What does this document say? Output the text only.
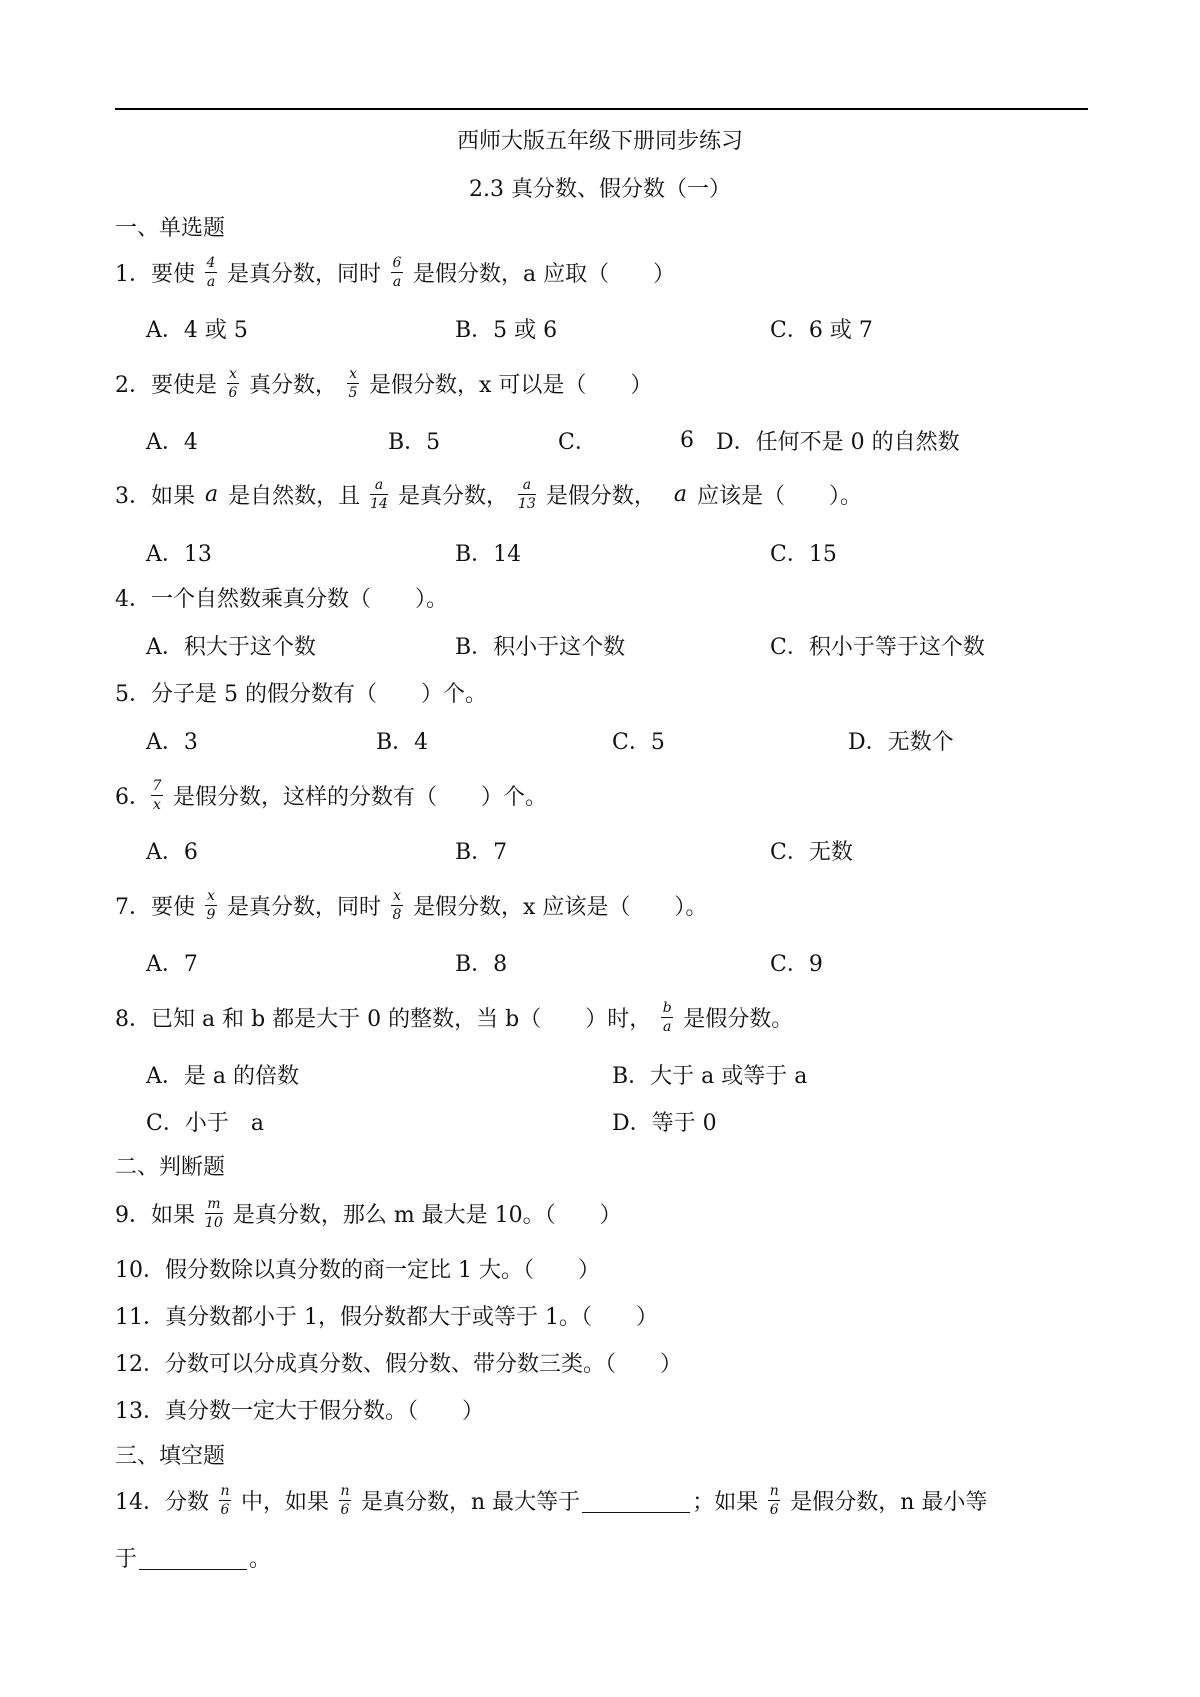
西师大版五年级下册同步练习
2.3 真分数、假分数（一）
一、单选题
1．要使 $\frac{4}{a}$ 是真分数，同时 $\frac{6}{a}$ 是假分数，a 应取（　　）
A．4 或 5	B．5 或 6	C．6 或 7
2．要使是 $\frac{x}{6}$ 真分数， $\frac{x}{5}$ 是假分数，x 可以是（　　）
A．4	B．5	C．	6 D．任何不是 0 的自然数
3．如果 a 是自然数，且 $\frac{a}{14}$ 是真分数， $\frac{a}{13}$ 是假分数， a 应该是（　　）。
A．13	B．14	C．15
4．一个自然数乘真分数（　　）。
A．积大于这个数	B．积小于这个数	C．积小于等于这个数
5．分子是 5 的假分数有（　　）个。
A．3	B．4	C．5	D．无数个
6． $\frac{7}{x}$ 是假分数，这样的分数有（　　）个。
A．6	B．7	C．无数
7．要使 $\frac{x}{9}$ 是真分数，同时 $\frac{x}{8}$ 是假分数，x 应该是（　　）。
A．7	B．8	C．9
8．已知 a 和 b 都是大于 0 的整数，当 b（　　）时， $\frac{b}{a}$ 是假分数。
A．是 a 的倍数	B．大于 a 或等于 a
C．小于　a	D．等于 0
二、判断题
9．如果 $\frac{m}{10}$ 是真分数，那么 m 最大是 10。（　　）
10．假分数除以真分数的商一定比 1 大。（　　）
11．真分数都小于 1，假分数都大于或等于 1。（　　）
12．分数可以分成真分数、假分数、带分数三类。（　　）
13．真分数一定大于假分数。（　　）
三、填空题
14．分数 $\frac{n}{6}$ 中，如果 $\frac{n}{6}$ 是真分数，n 最大等于	；如果 $\frac{n}{6}$ 是假分数，n 最小等
于	。
